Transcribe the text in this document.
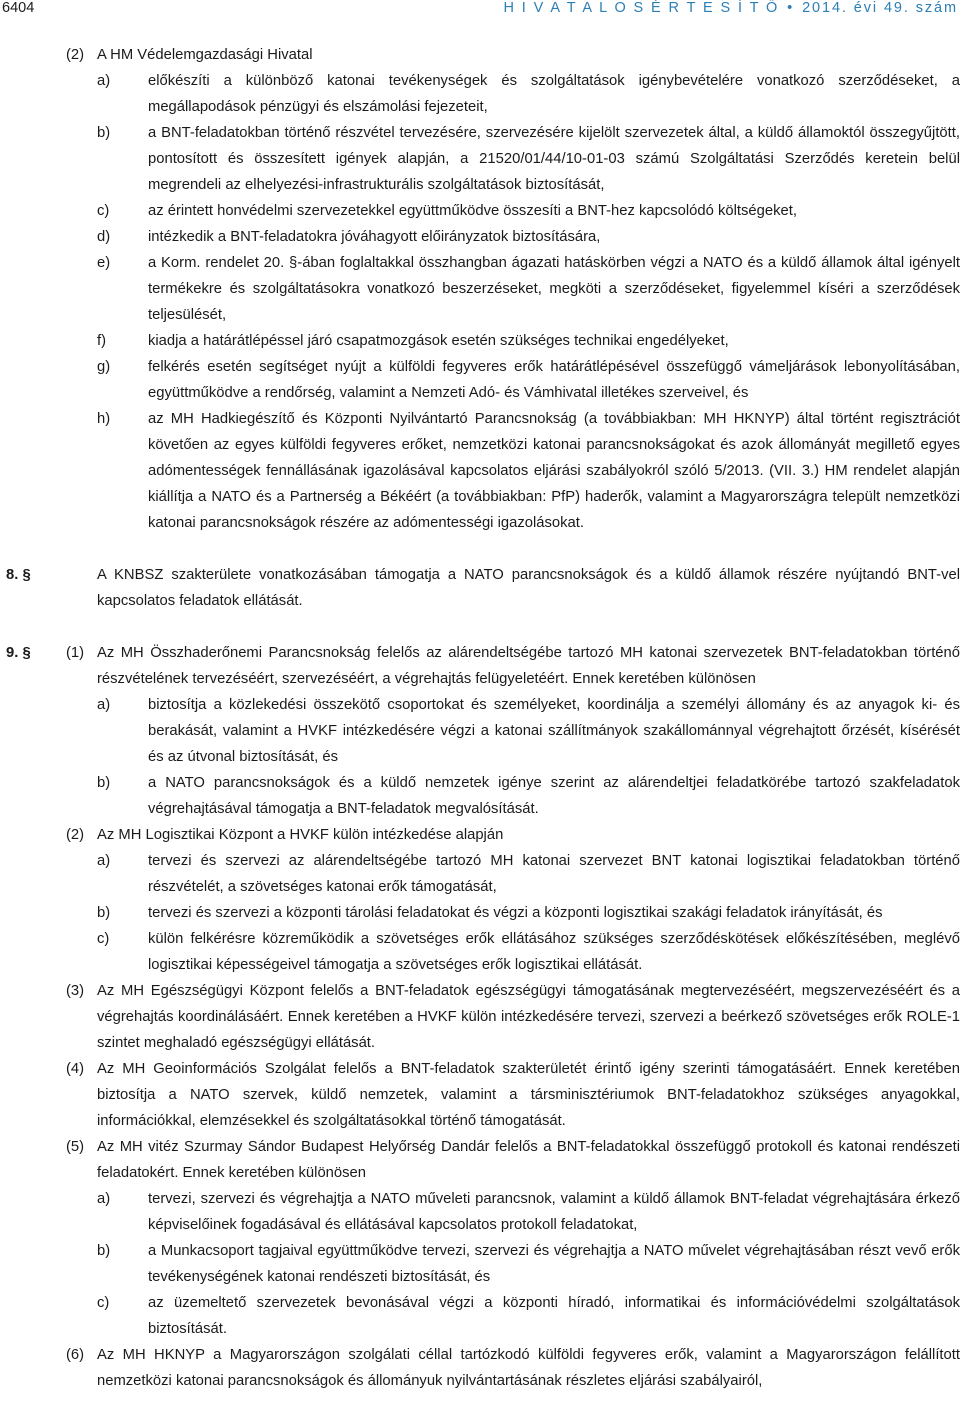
6404	H I V A T A L O S É R T E S Í T Ő • 2014. évi 49. szám
(2) A HM Védelemgazdasági Hivatal

a)	előkészíti a különböző katonai tevékenységek és szolgáltatások igénybevételére vonatkozó szerződéseket, a megállapodások pénzügyi és elszámolási fejezeteit,

b)	a BNT-feladatokban történő részvétel tervezésére, szervezésére kijelölt szervezetek által, a küldő államoktól összegyűjtött, pontosított és összesített igények alapján, a 21520/01/44/10-01-03 számú Szolgáltatási Szerződés keretein belül megrendeli az elhelyezési-infrastrukturális szolgáltatások biztosítását,

c)	az érintett honvédelmi szervezetekkel együttműködve összesíti a BNT-hez kapcsolódó költségeket,

d)	intézkedik a BNT-feladatokra jóváhagyott előirányzatok biztosítására,

e)	a Korm. rendelet 20. §-ában foglaltakkal összhangban ágazati hatáskörben végzi a NATO és a küldő államok által igényelt termékekre és szolgáltatásokra vonatkozó beszerzéseket, megköti a szerződéseket, figyelemmel kíséri a szerződések teljesülését,

f)	kiadja a határátlépéssel járó csapatmozgások esetén szükséges technikai engedélyeket,

g)	felkérés esetén segítséget nyújt a külföldi fegyveres erők határátlépésével összefüggő vámeljárások lebonyolításában, együttműködve a rendőrség, valamint a Nemzeti Adó- és Vámhivatal illetékes szerveivel, és

h)	az MH Hadkiegészítő és Központi Nyilvántartó Parancsnokság (a továbbiakban: MH HKNYP) által történt regisztrációt követően az egyes külföldi fegyveres erőket, nemzetközi katonai parancsnokságokat és azok állományát megillető egyes adómentességek fennállásának igazolásával kapcsolatos eljárási szabályokról szóló 5/2013. (VII. 3.) HM rendelet alapján kiállítja a NATO és a Partnerség a Békéért (a továbbiakban: PfP) haderők, valamint a Magyarországra települt nemzetközi katonai parancsnokságok részére az adómentességi igazolásokat.

8. §	A KNBSZ szakterülete vonatkozásában támogatja a NATO parancsnokságok és a küldő államok részére nyújtandó BNT-vel kapcsolatos feladatok ellátását.

9. § (1) Az MH Összhaderőnemi Parancsnokság felelős az alárendeltségébe tartozó MH katonai szervezetek BNT-feladatokban történő részvételének tervezéséért, szervezéséért, a végrehajtás felügyeletéért. Ennek keretében különösen

a)	biztosítja a közlekedési összekötő csoportokat és személyeket, koordinálja a személyi állomány és az anyagok ki- és berakását, valamint a HVKF intézkedésére végzi a katonai szállítmányok szakállománnyal végrehajtott őrzését, kísérését és az útvonal biztosítását, és

b)	a NATO parancsnokságok és a küldő nemzetek igénye szerint az alárendeltjei feladatkörébe tartozó szakfeladatok végrehajtásával támogatja a BNT-feladatok megvalósítását.

(2) Az MH Logisztikai Központ a HVKF külön intézkedése alapján

a)	tervezi és szervezi az alárendeltségébe tartozó MH katonai szervezet BNT katonai logisztikai feladatokban történő részvételét, a szövetséges katonai erők támogatását,

b)	tervezi és szervezi a központi tárolási feladatokat és végzi a központi logisztikai szakági feladatok irányítását, és

c)	külön felkérésre közreműködik a szövetséges erők ellátásához szükséges szerződéskötések előkészítésében, meglévő logisztikai képességeivel támogatja a szövetséges erők logisztikai ellátását.

(3) Az MH Egészségügyi Központ felelős a BNT-feladatok egészségügyi támogatásának megtervezéséért, megszervezéséért és a végrehajtás koordinálásáért. Ennek keretében a HVKF külön intézkedésére tervezi, szervezi a beérkező szövetséges erők ROLE-1 szintet meghaladó egészségügyi ellátását.

(4) Az MH Geoinformációs Szolgálat felelős a BNT-feladatok szakterületét érintő igény szerinti támogatásáért. Ennek keretében biztosítja a NATO szervek, küldő nemzetek, valamint a társminisztériumok BNT-feladatokhoz szükséges anyagokkal, információkkal, elemzésekkel és szolgáltatásokkal történő támogatását.

(5) Az MH vitéz Szurmay Sándor Budapest Helyőrség Dandár felelős a BNT-feladatokkal összefüggő protokoll és katonai rendészeti feladatokért. Ennek keretében különösen

a)	tervezi, szervezi és végrehajtja a NATO műveleti parancsnok, valamint a küldő államok BNT-feladat végrehajtására érkező képviselőinek fogadásával és ellátásával kapcsolatos protokoll feladatokat,

b)	a Munkacsoport tagjaival együttműködve tervezi, szervezi és végrehajtja a NATO művelet végrehajtásában részt vevő erők tevékenységének katonai rendészeti biztosítását, és

c)	az üzemeltető szervezetek bevonásával végzi a központi híradó, informatikai és információvédelmi szolgáltatások biztosítását.

(6) Az MH HKNYP a Magyarországon szolgálati céllal tartózkodó külföldi fegyveres erők, valamint a Magyarországon felállított nemzetközi katonai parancsnokságok és állományuk nyilvántartásának részletes eljárási szabályairól,
